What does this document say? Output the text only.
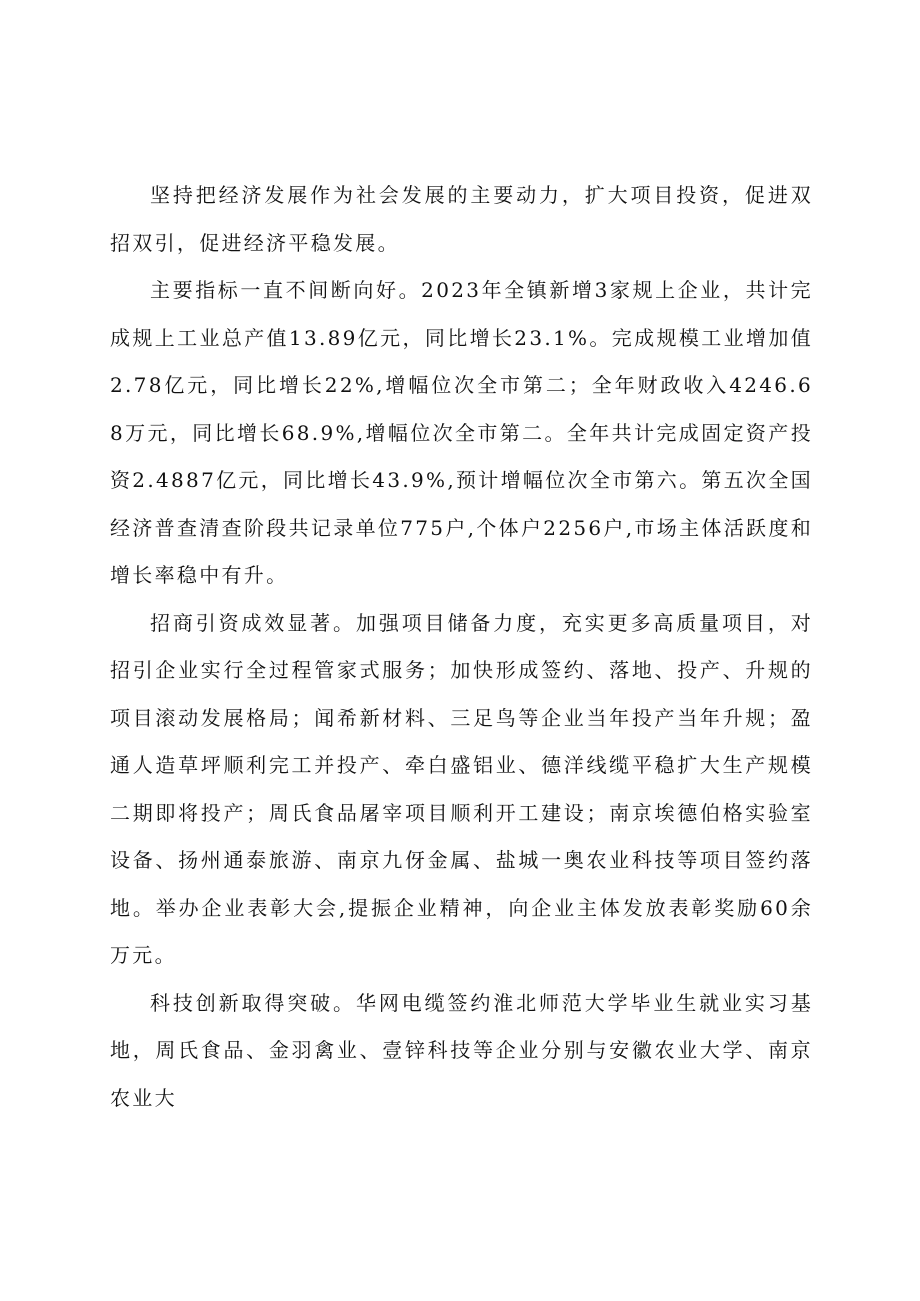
坚持把经济发展作为社会发展的主要动力，扩大项目投资，促进双招双引，促进经济平稳发展。

主要指标一直不间断向好。2023年全镇新增3家规上企业，共计完成规上工业总产值13.89亿元，同比增长23.1%。完成规模工业增加值2.78亿元，同比增长22%,增幅位次全市第二；全年财政收入4246.68万元，同比增长68.9%,增幅位次全市第二。全年共计完成固定资产投资2.4887亿元，同比增长43.9%,预计增幅位次全市第六。第五次全国经济普查清查阶段共记录单位775户,个体户2256户,市场主体活跃度和增长率稳中有升。

招商引资成效显著。加强项目储备力度，充实更多高质量项目，对招引企业实行全过程管家式服务；加快形成签约、落地、投产、升规的项目滚动发展格局；闻希新材料、三足鸟等企业当年投产当年升规；盈通人造草坪顺利完工并投产、牵白盛铝业、德洋线缆平稳扩大生产规模二期即将投产；周氏食品屠宰项目顺利开工建设；南京埃德伯格实验室设备、扬州通泰旅游、南京九伢金属、盐城一奥农业科技等项目签约落地。举办企业表彰大会,提振企业精神，向企业主体发放表彰奖励60余万元。

科技创新取得突破。华网电缆签约淮北师范大学毕业生就业实习基地，周氏食品、金羽禽业、壹锌科技等企业分别与安徽农业大学、南京农业大
